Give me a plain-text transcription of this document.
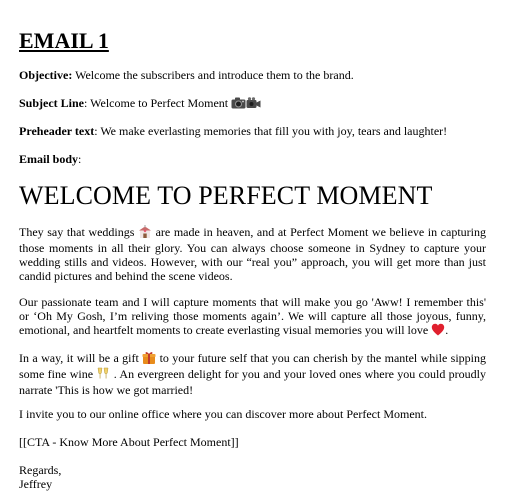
EMAIL 1

Objective: Welcome the subscribers and introduce them to the brand.

Subject Line: Welcome to Perfect Moment

Preheader text: We make everlasting memories that fill you with joy, tears and laughter!

Email body:

WELCOME TO PERFECT MOMENT

They say that weddings  are made in heaven, and at Perfect Moment we believe in capturing those moments in all their glory. You can always choose someone in Sydney to capture your wedding stills and videos. However, with our “real you” approach, you will get more than just candid pictures and behind the scene videos.

Our passionate team and I will capture moments that will make you go 'Aww! I remember this' or ‘Oh My Gosh, I’m reliving those moments again’. We will capture all those joyous, funny, emotional, and heartfelt moments to create everlasting visual memories you will love .

In a way, it will be a gift  to your future self that you can cherish by the mantel while sipping some fine wine  . An evergreen delight for you and your loved ones where you could proudly narrate 'This is how we got married!

I invite you to our online office where you can discover more about Perfect Moment.

[[CTA - Know More About Perfect Moment]]

Regards,

Jeffrey
